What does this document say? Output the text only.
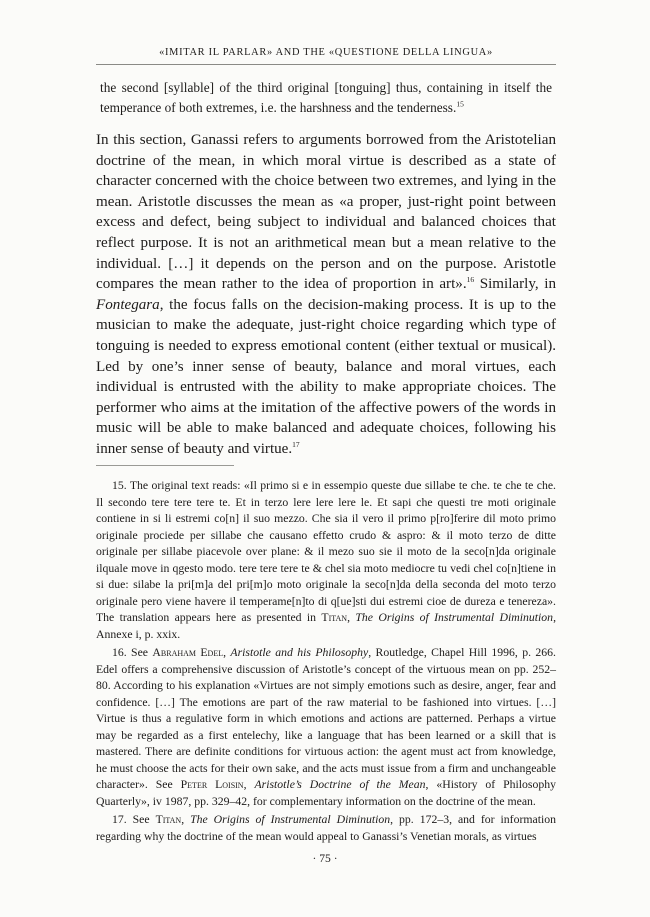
«IMITAR IL PARLAR» AND THE «QUESTIONE DELLA LINGUA»

the second [syllable] of the third original [tonguing] thus, containing in itself the temperance of both extremes, i.e. the harshness and the tenderness.$^{15}$

In this section, Ganassi refers to arguments borrowed from the Aristotelian doctrine of the mean, in which moral virtue is described as a state of character concerned with the choice between two extremes, and lying in the mean. Aristotle discusses the mean as «a proper, just-right point between excess and defect, being subject to individual and balanced choices that reflect purpose. It is not an arithmetical mean but a mean relative to the individual. […] it depends on the person and on the purpose. Aristotle compares the mean rather to the idea of proportion in art».$^{16}$ Similarly, in Fontegara, the focus falls on the decision-making process. It is up to the musician to make the adequate, just-right choice regarding which type of tonguing is needed to express emotional content (either textual or musical). Led by one’s inner sense of beauty, balance and moral virtues, each individual is entrusted with the ability to make appropriate choices. The performer who aims at the imitation of the affective powers of the words in music will be able to make balanced and adequate choices, following his inner sense of beauty and virtue.$^{17}$

15. The original text reads: «Il primo si e in essempio queste due sillabe te che. te che te che. Il secondo tere tere tere te. Et in terzo lere lere lere le. Et sapi che questi tre moti originale contiene in si li estremi co[n] il suo mezzo. Che sia il vero il primo p[ro]ferire dil moto primo originale prociede per sillabe che causano effetto crudo & aspro: & il moto terzo de ditte originale per sillabe piacevole over plane: & il mezo suo sie il moto de la seco[n]da originale ilquale move in qgesto modo. tere tere tere te & chel sia moto mediocre tu vedi chel co[n]tiene in si due: silabe la pri[m]a del pri[m]o moto originale la seco[n]da della seconda del moto terzo originale pero viene havere il temperame[n]to di q[ue]sti dui estremi cioe de dureza e tenereza». The translation appears here as presented in Titan, The Origins of Instrumental Diminution, Annexe i, p. xxix.

16. See Abraham Edel, Aristotle and his Philosophy, Routledge, Chapel Hill 1996, p. 266. Edel offers a comprehensive discussion of Aristotle’s concept of the virtuous mean on pp. 252–80. According to his explanation «Virtues are not simply emotions such as desire, anger, fear and confidence. […] The emotions are part of the raw material to be fashioned into virtues. […] Virtue is thus a regulative form in which emotions and actions are patterned. Perhaps a virtue may be regarded as a first entelechy, like a language that has been learned or a skill that is mastered. There are definite conditions for virtuous action: the agent must act from knowledge, he must choose the acts for their own sake, and the acts must issue from a firm and unchangeable character». See Peter Loisin, Aristotle’s Doctrine of the Mean, «History of Philosophy Quarterly», iv 1987, pp. 329–42, for complementary information on the doctrine of the mean.

17. See Titan, The Origins of Instrumental Diminution, pp. 172–3, and for information regarding why the doctrine of the mean would appeal to Ganassi’s Venetian morals, as virtues

· 75 ·
